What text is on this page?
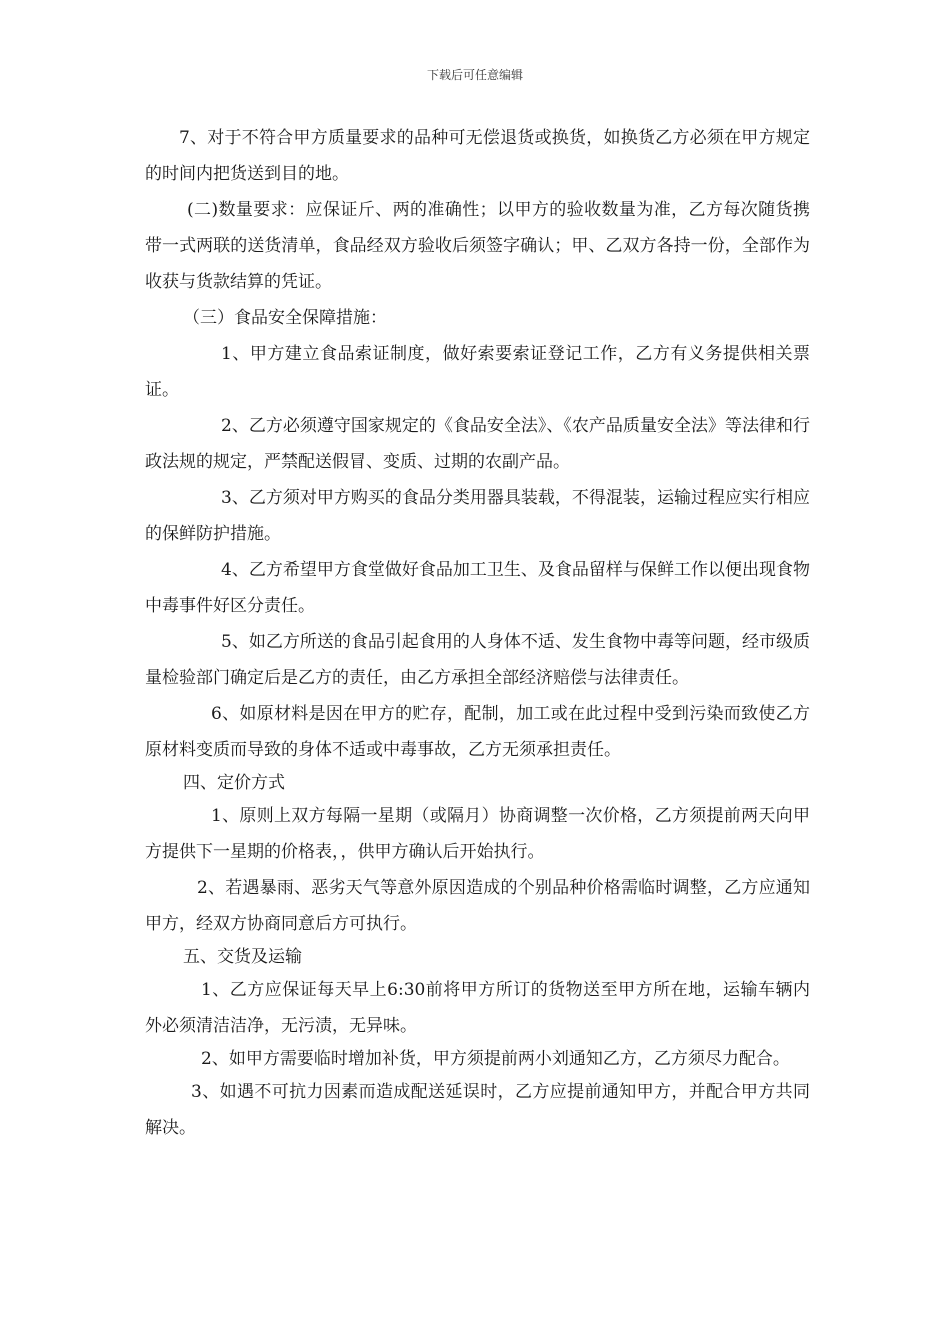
下载后可任意编辑

7、对于不符合甲方质量要求的品种可无偿退货或换货，如换货乙方必须在甲方规定的时间内把货送到目的地。

(二)数量要求：应保证斤、两的准确性；以甲方的验收数量为准，乙方每次随货携带一式两联的送货清单，食品经双方验收后须签字确认；甲、乙双方各持一份，全部作为收获与货款结算的凭证。

（三）食品安全保障措施：

1、甲方建立食品索证制度，做好索要索证登记工作，乙方有义务提供相关票证。

2、乙方必须遵守国家规定的《食品安全法》、《农产品质量安全法》等法律和行政法规的规定，严禁配送假冒、变质、过期的农副产品。

3、乙方须对甲方购买的食品分类用器具装载，不得混装，运输过程应实行相应的保鲜防护措施。

4、乙方希望甲方食堂做好食品加工卫生、及食品留样与保鲜工作以便出现食物中毒事件好区分责任。

5、如乙方所送的食品引起食用的人身体不适、发生食物中毒等问题，经市级质量检验部门确定后是乙方的责任，由乙方承担全部经济赔偿与法律责任。

6、如原材料是因在甲方的贮存，配制，加工或在此过程中受到污染而致使乙方原材料变质而导致的身体不适或中毒事故，乙方无须承担责任。

四、定价方式

1、原则上双方每隔一星期（或隔月）协商调整一次价格，乙方须提前两天向甲方提供下一星期的价格表，，供甲方确认后开始执行。

2、若遇暴雨、恶劣天气等意外原因造成的个别品种价格需临时调整，乙方应通知甲方，经双方协商同意后方可执行。

五、交货及运输

1、乙方应保证每天早上6:30前将甲方所订的货物送至甲方所在地，运输车辆内外必须清洁洁净，无污渍，无异味。

2、如甲方需要临时增加补货，甲方须提前两小刘通知乙方，乙方须尽力配合。

3、如遇不可抗力因素而造成配送延误时，乙方应提前通知甲方，并配合甲方共同解决。
